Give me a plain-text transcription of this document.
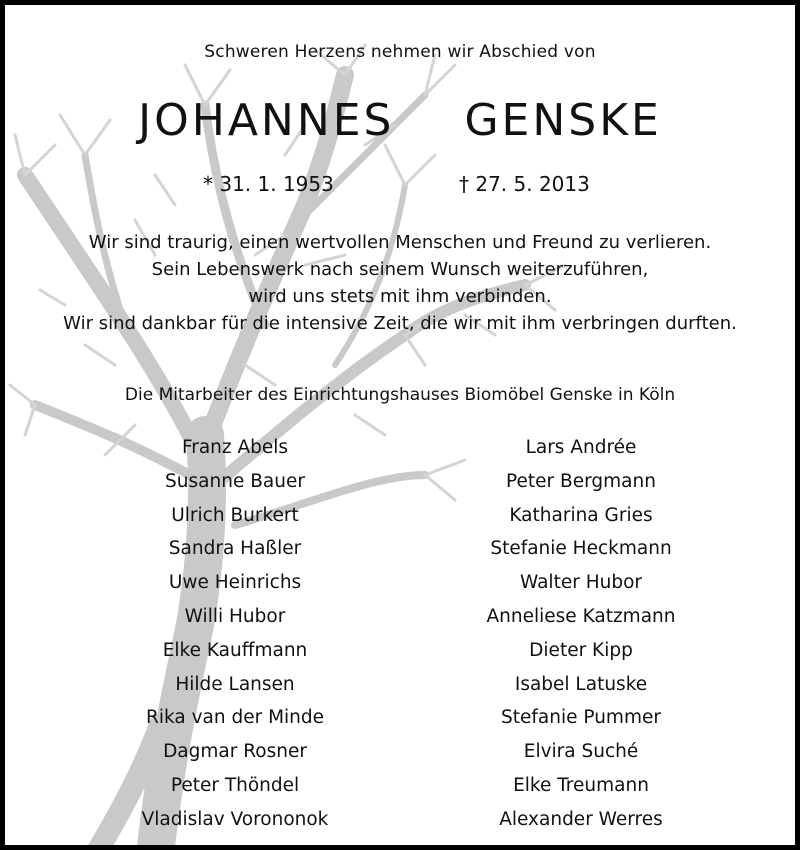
Schweren Herzens nehmen wir Abschied von
JOHANNES  GENSKE
* 31. 1. 1953	† 27. 5. 2013
Wir sind traurig, einen wertvollen Menschen und Freund zu verlieren.
Sein Lebenswerk nach seinem Wunsch weiterzuführen,
wird uns stets mit ihm verbinden.
Wir sind dankbar für die intensive Zeit, die wir mit ihm verbringen durften.
Die Mitarbeiter des Einrichtungshauses Biomöbel Genske in Köln
Franz Abels
Susanne Bauer
Ulrich Burkert
Sandra Haßler
Uwe Heinrichs
Willi Hubor
Elke Kauffmann
Hilde Lansen
Rika van der Minde
Dagmar Rosner
Peter Thöndel
Vladislav Vorononok
Lars Andrée
Peter Bergmann
Katharina Gries
Stefanie Heckmann
Walter Hubor
Anneliese Katzmann
Dieter Kipp
Isabel Latuske
Stefanie Pummer
Elvira Suché
Elke Treumann
Alexander Werres
